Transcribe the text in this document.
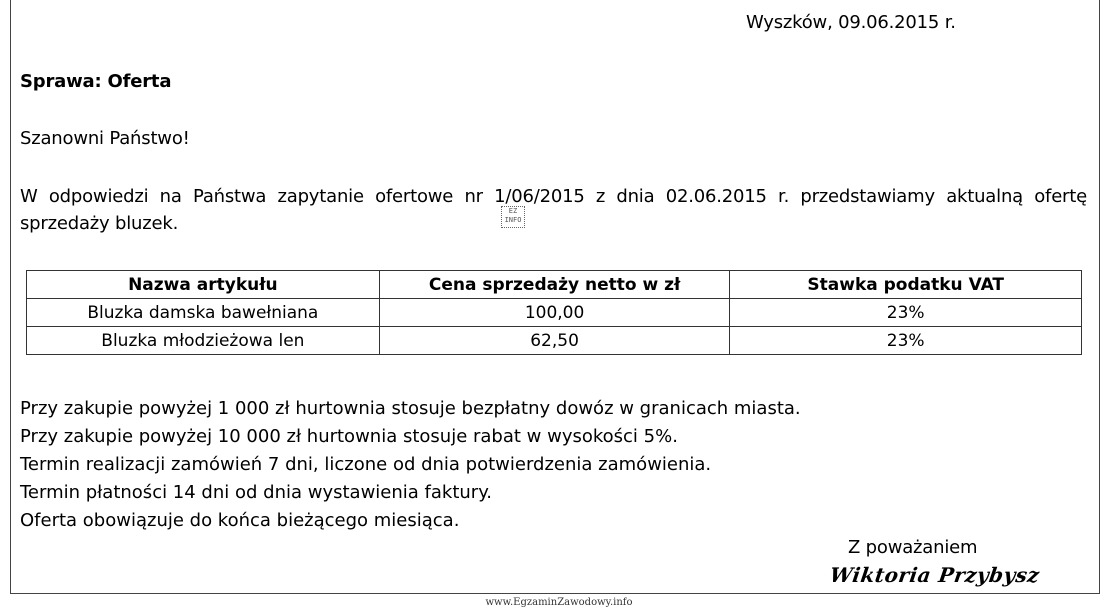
Wyszków, 09.06.2015 r.
Sprawa: Oferta
Szanowni Państwo!
W odpowiedzi na Państwa zapytanie ofertowe nr 1/06/2015 z dnia 02.06.2015 r. przedstawiamy aktualną ofertę
sprzedaży bluzek.
EZ INFO
Nazwa artykułu	Cena sprzedaży netto w zł	Stawka podatku VAT
Bluzka damska bawełniana	100,00	23%
Bluzka młodzieżowa len	62,50	23%
Przy zakupie powyżej 1 000 zł hurtownia stosuje bezpłatny dowóz w granicach miasta.
Przy zakupie powyżej 10 000 zł hurtownia stosuje rabat w wysokości 5%.
Termin realizacji zamówień 7 dni, liczone od dnia potwierdzenia zamówienia.
Termin płatności 14 dni od dnia wystawienia faktury.
Oferta obowiązuje do końca bieżącego miesiąca.
Z poważaniem
Wiktoria Przybysz
www.EgzaminZawodowy.info
